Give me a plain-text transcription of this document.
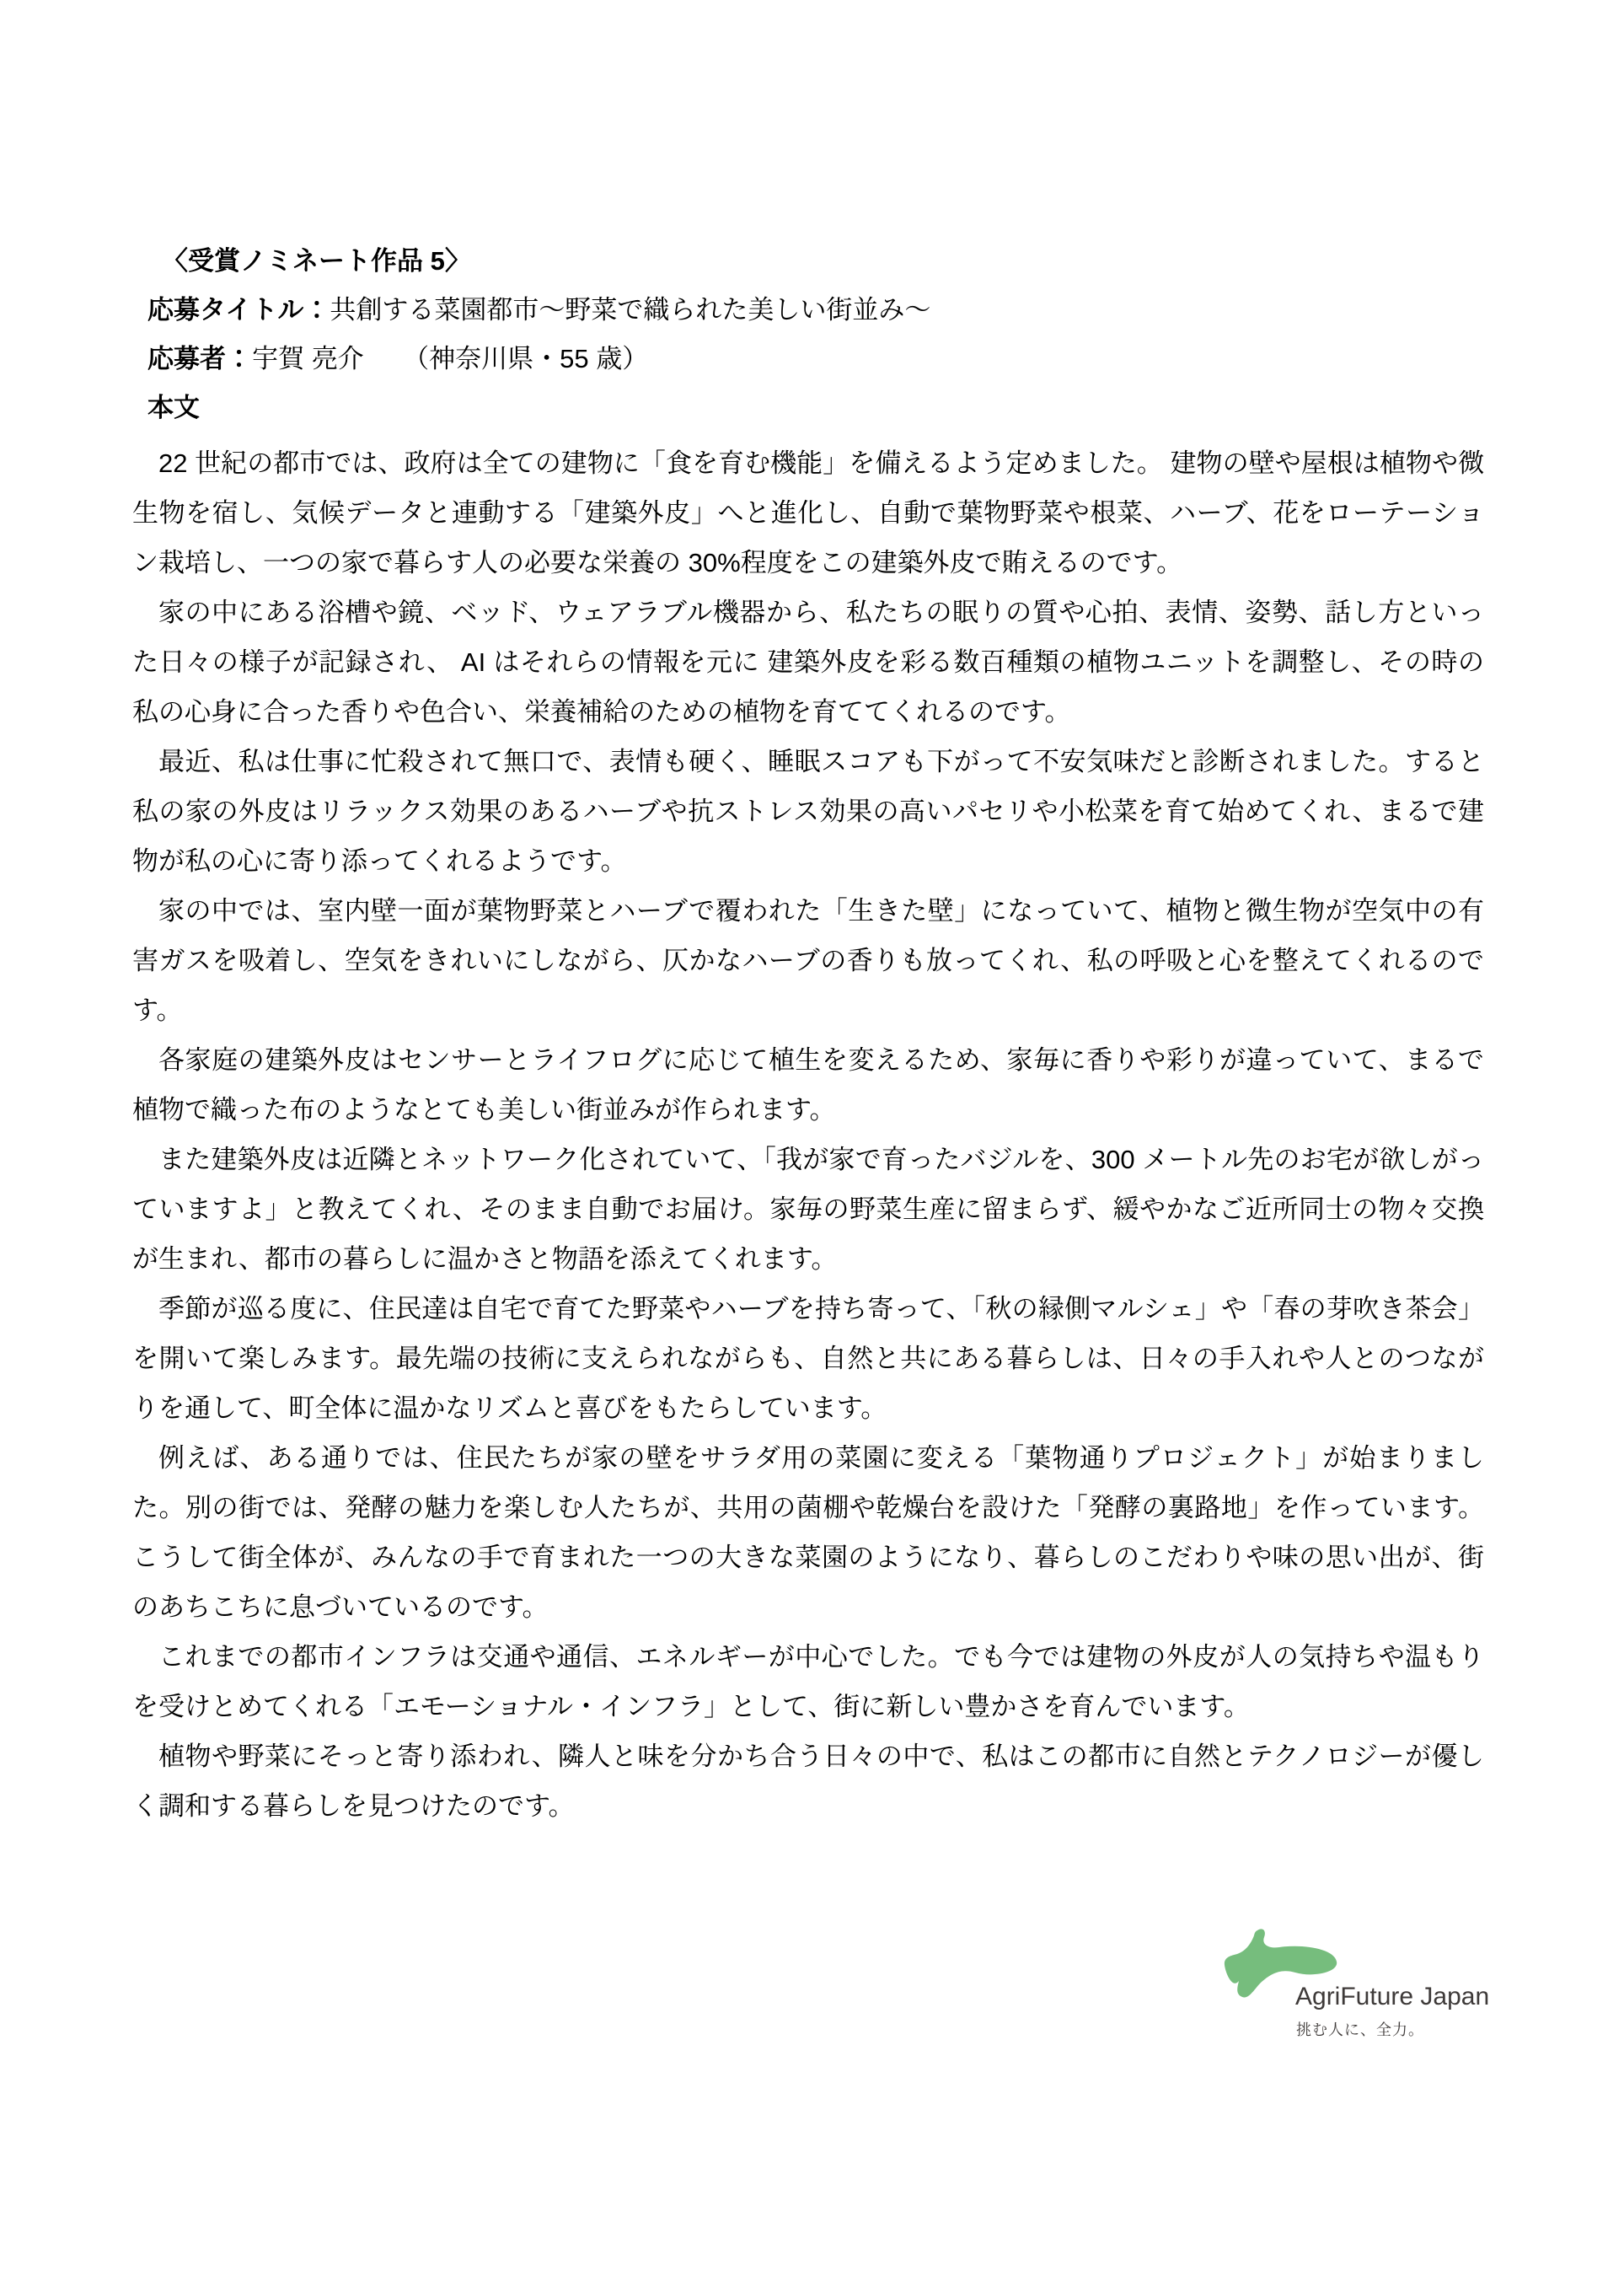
〈受賞ノミネート作品 5〉
応募タイトル：共創する菜園都市～野菜で織られた美しい街並み～
応募者：宇賀 亮介　　（神奈川県・55 歳）
本文

22 世紀の都市では、政府は全ての建物に「食を育む機能」を備えるよう定めました。 建物の壁や屋根は植物や微生物を宿し、気候データと連動する「建築外皮」へと進化し、自動で葉物野菜や根菜、ハーブ、花をローテーション栽培し、一つの家で暮らす人の必要な栄養の 30%程度をこの建築外皮で賄えるのです。

家の中にある浴槽や鏡、ベッド、ウェアラブル機器から、私たちの眠りの質や心拍、表情、姿勢、話し方といった日々の様子が記録され、 AI はそれらの情報を元に 建築外皮を彩る数百種類の植物ユニットを調整し、その時の私の心身に合った香りや色合い、栄養補給のための植物を育ててくれるのです。

最近、私は仕事に忙殺されて無口で、表情も硬く、睡眠スコアも下がって不安気味だと診断されました。すると私の家の外皮はリラックス効果のあるハーブや抗ストレス効果の高いパセリや小松菜を育て始めてくれ、まるで建物が私の心に寄り添ってくれるようです。

家の中では、室内壁一面が葉物野菜とハーブで覆われた「生きた壁」になっていて、植物と微生物が空気中の有害ガスを吸着し、空気をきれいにしながら、仄かなハーブの香りも放ってくれ、私の呼吸と心を整えてくれるのです。

各家庭の建築外皮はセンサーとライフログに応じて植生を変えるため、家毎に香りや彩りが違っていて、まるで植物で織った布のようなとても美しい街並みが作られます。

また建築外皮は近隣とネットワーク化されていて、「我が家で育ったバジルを、300 メートル先のお宅が欲しがっていますよ」と教えてくれ、そのまま自動でお届け。家毎の野菜生産に留まらず、緩やかなご近所同士の物々交換が生まれ、都市の暮らしに温かさと物語を添えてくれます。

季節が巡る度に、住民達は自宅で育てた野菜やハーブを持ち寄って、「秋の縁側マルシェ」や「春の芽吹き茶会」を開いて楽しみます。最先端の技術に支えられながらも、自然と共にある暮らしは、日々の手入れや人とのつながりを通して、町全体に温かなリズムと喜びをもたらしています。

例えば、ある通りでは、住民たちが家の壁をサラダ用の菜園に変える「葉物通りプロジェクト」が始まりました。別の街では、発酵の魅力を楽しむ人たちが、共用の菌棚や乾燥台を設けた「発酵の裏路地」を作っています。こうして街全体が、みんなの手で育まれた一つの大きな菜園のようになり、暮らしのこだわりや味の思い出が、街のあちこちに息づいているのです。

これまでの都市インフラは交通や通信、エネルギーが中心でした。でも今では建物の外皮が人の気持ちや温もりを受けとめてくれる「エモーショナル・インフラ」として、街に新しい豊かさを育んでいます。

植物や野菜にそっと寄り添われ、隣人と味を分かち合う日々の中で、私はこの都市に自然とテクノロジーが優しく調和する暮らしを見つけたのです。

AgriFuture Japan
挑む人に、全力。
